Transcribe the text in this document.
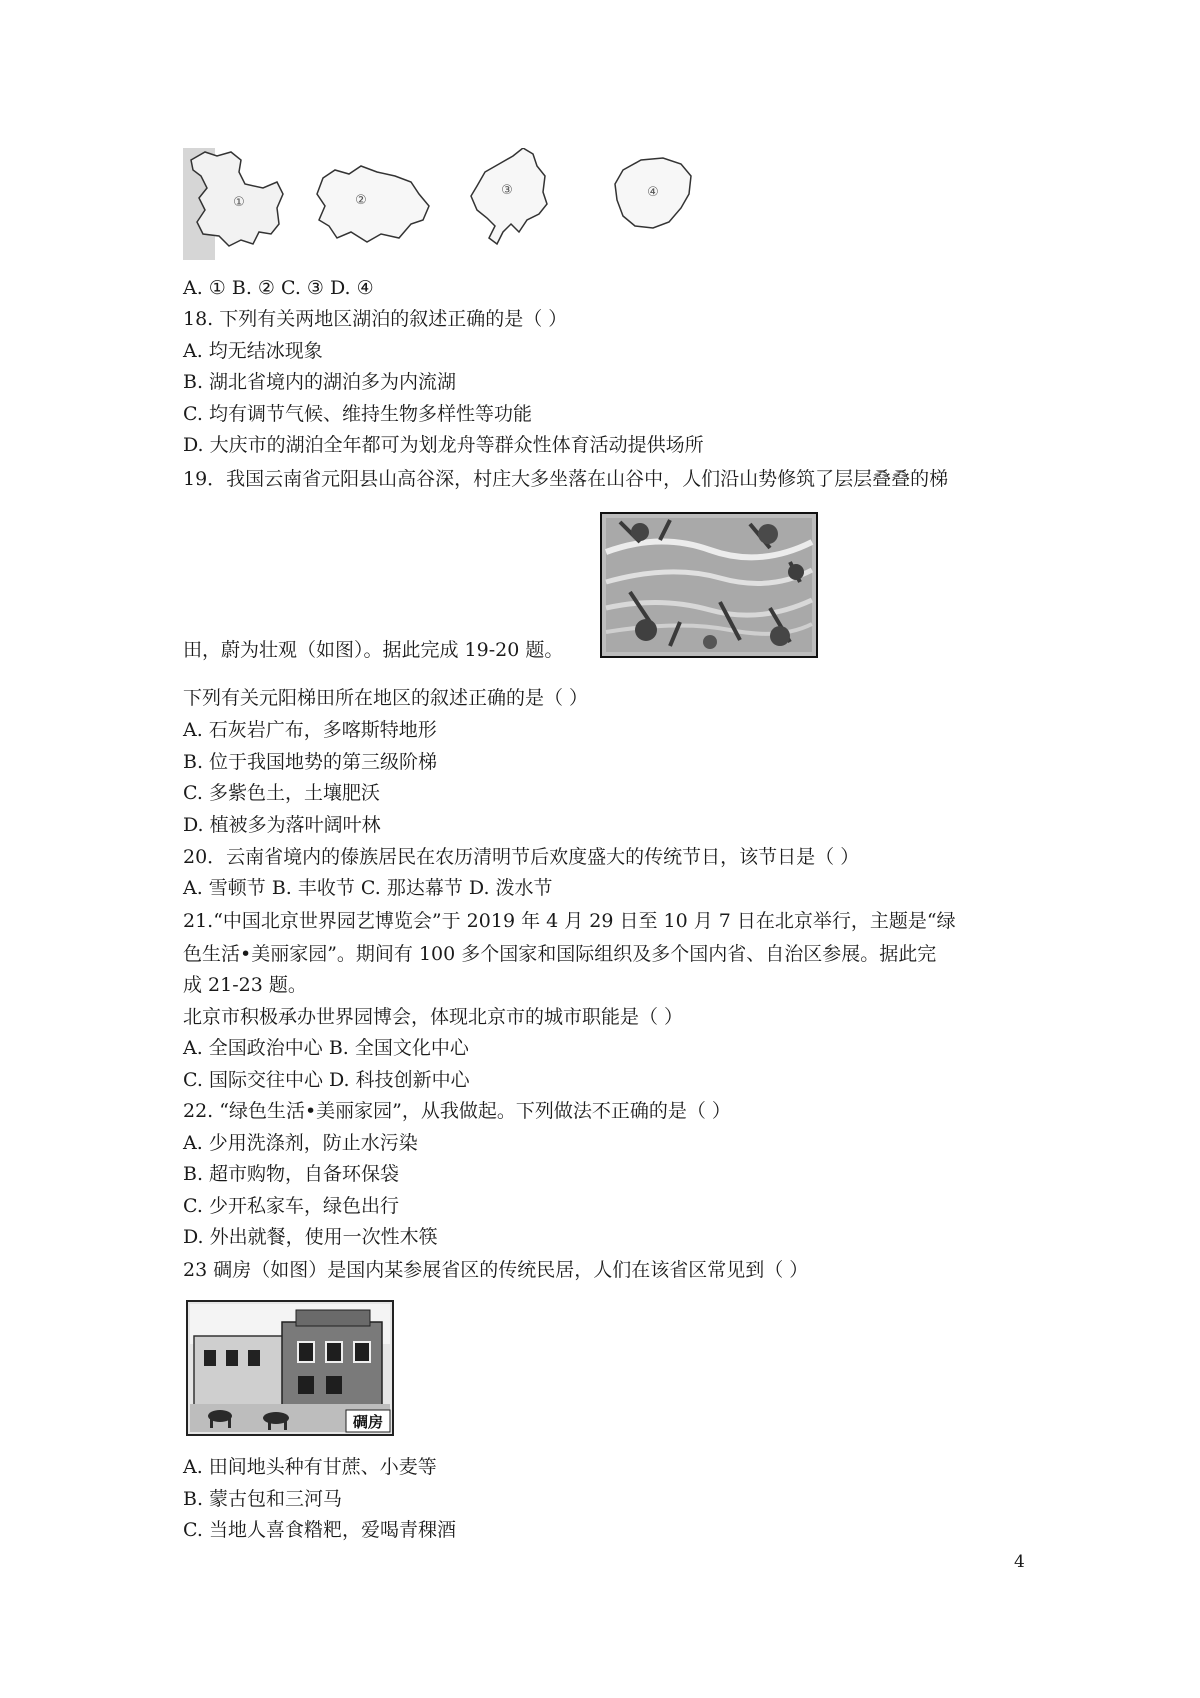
①	②
③	④
A. ① B. ② C. ③ D. ④
18. 下列有关两地区湖泊的叙述正确的是（ ）
A. 均无结冰现象
B. 湖北省境内的湖泊多为内流湖
C. 均有调节气候、维持生物多样性等功能
D. 大庆市的湖泊全年都可为划龙舟等群众性体育活动提供场所
19．我国云南省元阳县山高谷深，村庄大多坐落在山谷中，人们沿山势修筑了层层叠叠的梯
田，蔚为壮观（如图）。据此完成 19-20 题。
下列有关元阳梯田所在地区的叙述正确的是（ ）
A. 石灰岩广布，多喀斯特地形
B. 位于我国地势的第三级阶梯
C. 多紫色土，土壤肥沃
D. 植被多为落叶阔叶林
20．云南省境内的傣族居民在农历清明节后欢度盛大的传统节日，该节日是（ ）
A. 雪顿节 B. 丰收节 C. 那达幕节 D. 泼水节
21.“中国北京世界园艺博览会”于 2019 年 4 月 29 日至 10 月 7 日在北京举行，主题是“绿
色生活•美丽家园”。期间有 100 多个国家和国际组织及多个国内省、自治区参展。据此完
成 21-23 题。
北京市积极承办世界园博会，体现北京市的城市职能是（ ）
A. 全国政治中心 B. 全国文化中心
C. 国际交往中心 D. 科技创新中心
22. “绿色生活•美丽家园”，从我做起。下列做法不正确的是（ ）
A. 少用洗涤剂，防止水污染
B. 超市购物，自备环保袋
C. 少开私家车，绿色出行
D. 外出就餐，使用一次性木筷
23 碉房（如图）是国内某参展省区的传统民居，人们在该省区常见到（ ）
碉房
A. 田间地头种有甘蔗、小麦等
B. 蒙古包和三河马
C. 当地人喜食糌粑，爱喝青稞酒
4
